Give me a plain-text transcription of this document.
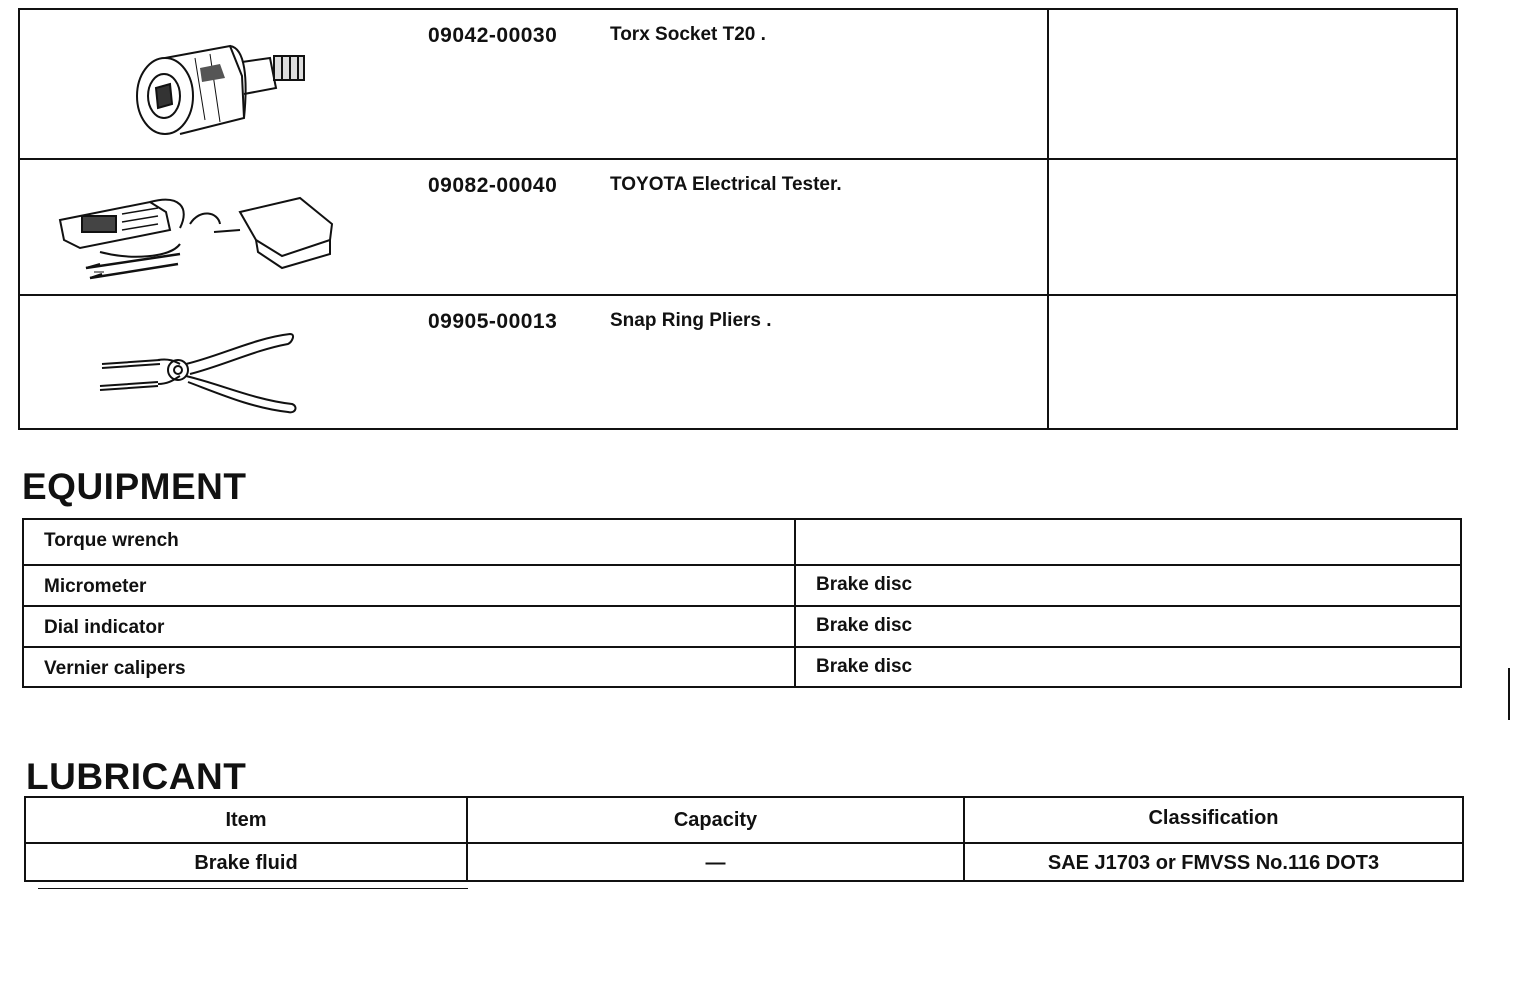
09042-00030	Torx Socket T20 .
09082-00040	TOYOTA Electrical Tester.
09905-00013	Snap Ring Pliers .
EQUIPMENT
Torque wrench
Micrometer	Brake disc
Dial indicator	Brake disc
Vernier calipers	Brake disc
LUBRICANT
Item	Capacity	Classification
Brake fluid	—	SAE J1703 or FMVSS No.116 DOT3
